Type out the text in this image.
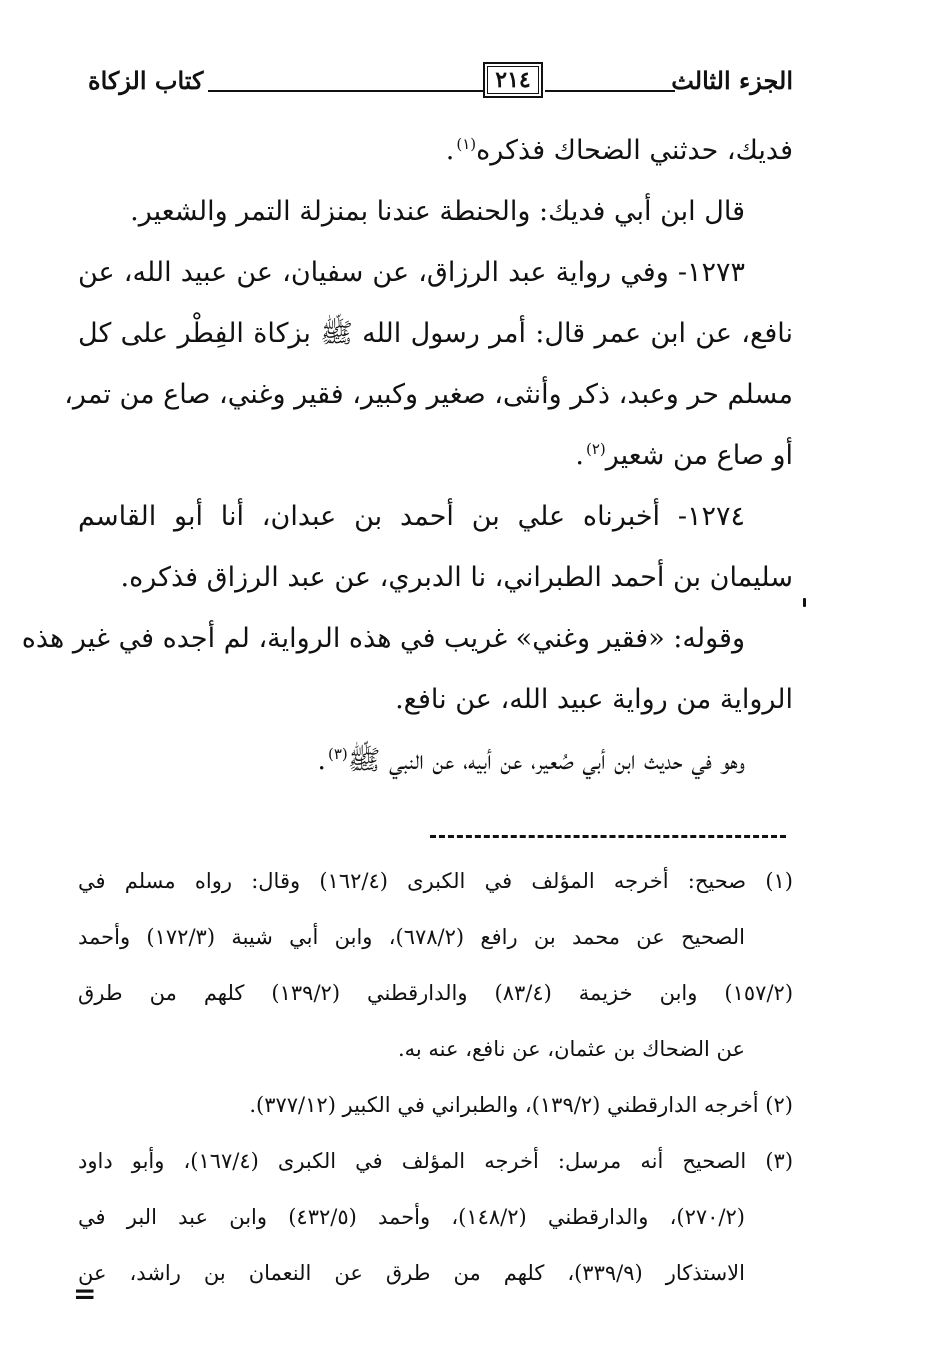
كتاب الزكاة	٢١٤	الجزء الثالث
فديك، حدثني الضحاك فذكره$^{(١)}$.
قال ابن أبي فديك: والحنطة عندنا بمنزلة التمر والشعير.
١٢٧٣- وفي رواية عبد الرزاق، عن سفيان، عن عبيد الله، عن
نافع، عن ابن عمر قال: أمر رسول الله ﷺ بزكاة الفِطْر على كل
مسلم حر وعبد، ذكر وأنثى، صغير وكبير، فقير وغني، صاع من تمر،
أو صاع من شعير$^{(٢)}$.
١٢٧٤- أخبرناه علي بن أحمد بن عبدان، أنا أبو القاسم
سليمان بن أحمد الطبراني، نا الدبري، عن عبد الرزاق فذكره.
وقوله: «فقير وغني» غريب في هذه الرواية، لم أجده في غير هذه
الرواية من رواية عبيد الله، عن نافع.
وهو في حديث ابن أبي صُعير، عن أبيه، عن النبي ﷺ$^{(٣)}$.
(١) صحيح: أخرجه المؤلف في الكبرى (١٦٢/٤) وقال: رواه مسلم في
الصحيح عن محمد بن رافع (٦٧٨/٢)، وابن أبي شيبة (١٧٢/٣) وأحمد
(١٥٧/٢) وابن خزيمة (٨٣/٤) والدارقطني (١٣٩/٢) كلهم من طرق
عن الضحاك بن عثمان، عن نافع، عنه به.
(٢) أخرجه الدارقطني (١٣٩/٢)، والطبراني في الكبير (٣٧٧/١٢).
(٣) الصحيح أنه مرسل: أخرجه المؤلف في الكبرى (١٦٧/٤)، وأبو داود
(٢٧٠/٢)، والدارقطني (١٤٨/٢)، وأحمد (٤٣٢/٥) وابن عبد البر في
الاستذكار (٣٣٩/٩)، كلهم من طرق عن النعمان بن راشد، عن
=
